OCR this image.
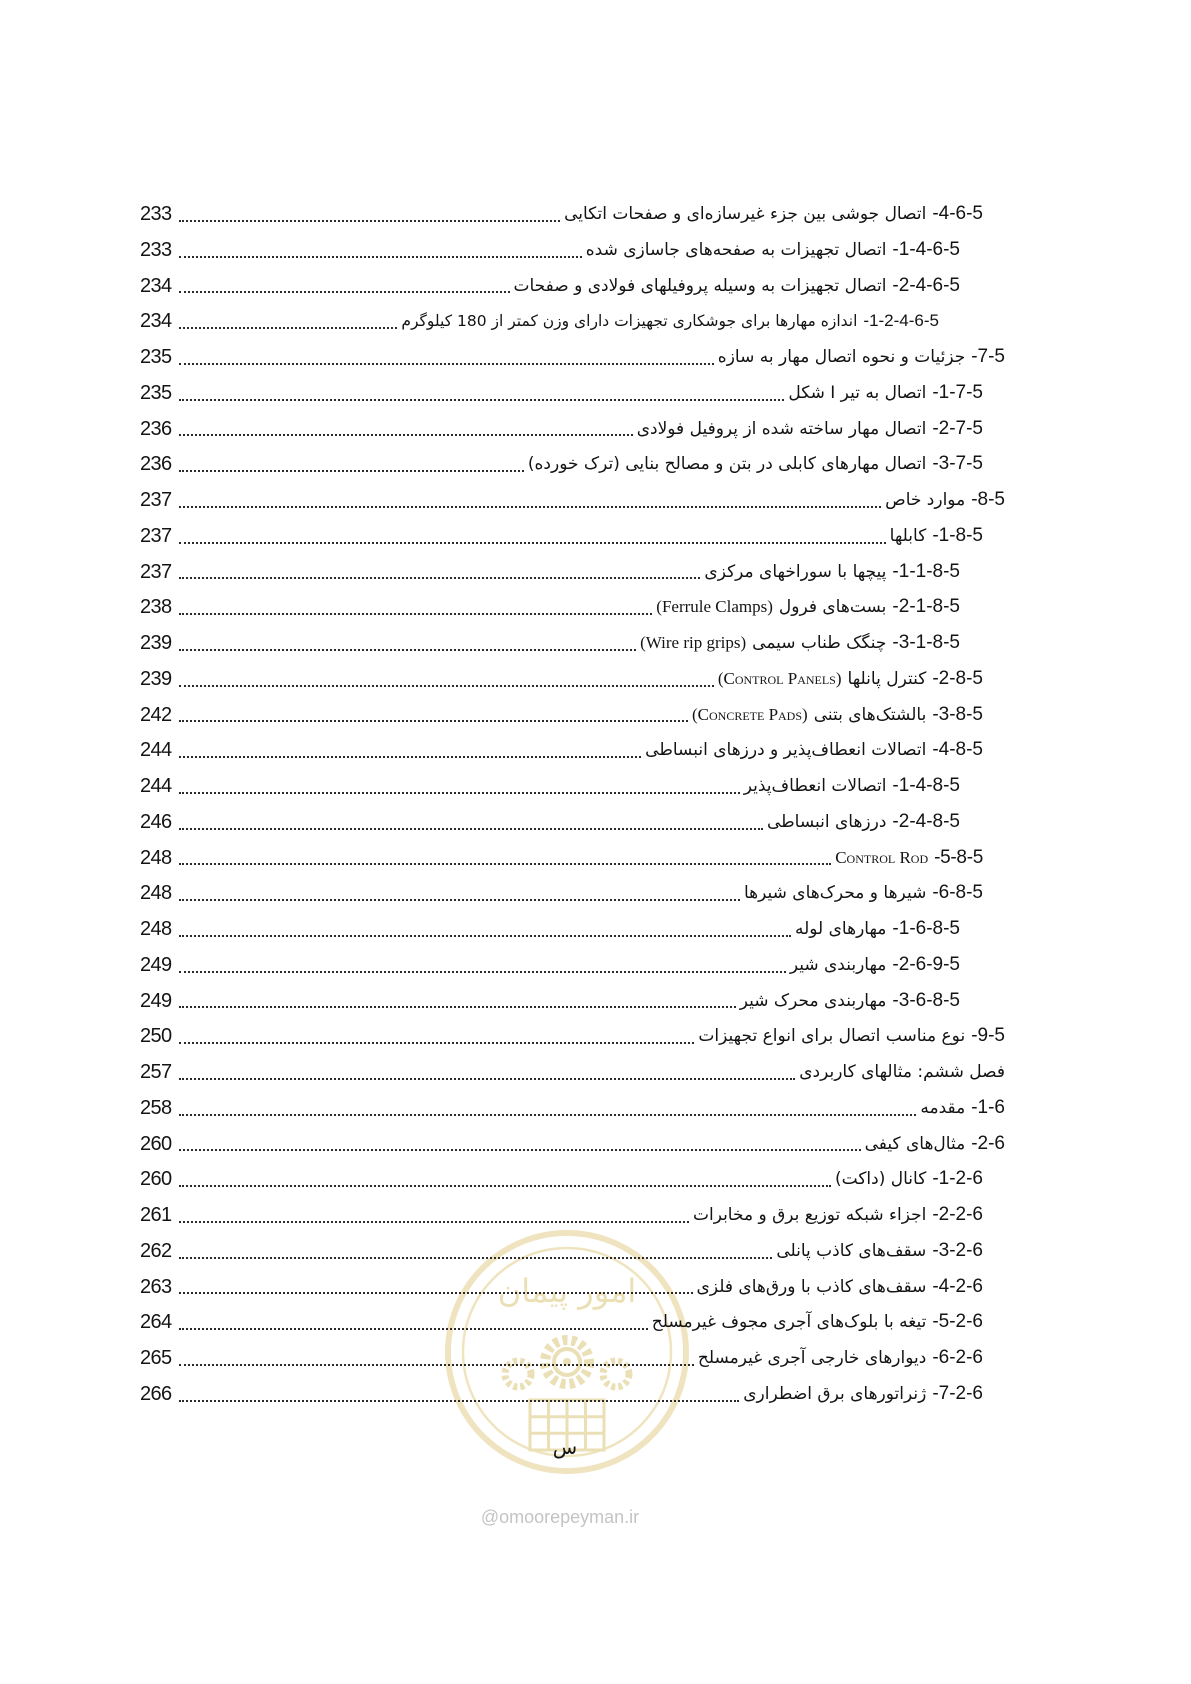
امور پیمان
5-6-4-اتصال جوشی بین جزء غیرسازه‌ای و صفحات اتکایی
233
5-6-4-1-اتصال تجهیزات به صفحه‌های جاسازی شده
233
5-6-4-2-اتصال تجهیزات به وسیله پروفیلهای فولادی و صفحات
234
5-6-4-2-1-اندازه مهارها برای جوشکاری تجهیزات دارای وزن کمتر از 180 کیلوگرم
234
5-7-جزئیات و نحوه اتصال مهار به سازه
235
5-7-1-اتصال به تیر I شکل
235
5-7-2-اتصال مهار ساخته شده از پروفیل فولادی
236
5-7-3-اتصال مهارهای کابلی در بتن و مصالح بنایی (ترک خورده)
236
5-8-موارد خاص
237
5-8-1-کابلها
237
5-8-1-1-پیچها با سوراخهای مرکزی
237
5-8-1-2-بست‌های فرول(Ferrule Clamps)
238
5-8-1-3-چنگک طناب سیمی(Wire rip grips)
239
5-8-2-کنترل پانلها(Control Panels)
239
5-8-3-بالشتک‌های بتنی(Concrete Pads)
242
5-8-4-اتصالات انعطاف‌پذیر و درزهای انبساطی
244
5-8-4-1-اتصالات انعطاف‌پذیر
244
5-8-4-2-درزهای انبساطی
246
5-8-5-Control Rod
248
5-8-6-شیرها و محرک‌های شیرها
248
5-8-6-1-مهارهای لوله
248
5-9-6-2-مهاربندی شیر
249
5-8-6-3-مهاربندی محرک شیر
249
5-9-نوع مناسب اتصال برای انواع تجهیزات
250
فصل ششم: مثالهای کاربردی
257
6-1-مقدمه
258
6-2-مثال‌های کیفی
260
6-2-1-کانال (داکت)
260
6-2-2-اجزاء شبکه توزیع برق و مخابرات
261
6-2-3-سقف‌های کاذب پانلی
262
6-2-4-سقف‌های کاذب با ورق‌های فلزی
263
6-2-5-تیغه با بلوک‌های آجری مجوف غیرمسلح
264
6-2-6-دیوارهای خارجی آجری غیرمسلح
265
6-2-7-ژنراتورهای برق اضطراری
266
س
@omoorepeyman.ir
